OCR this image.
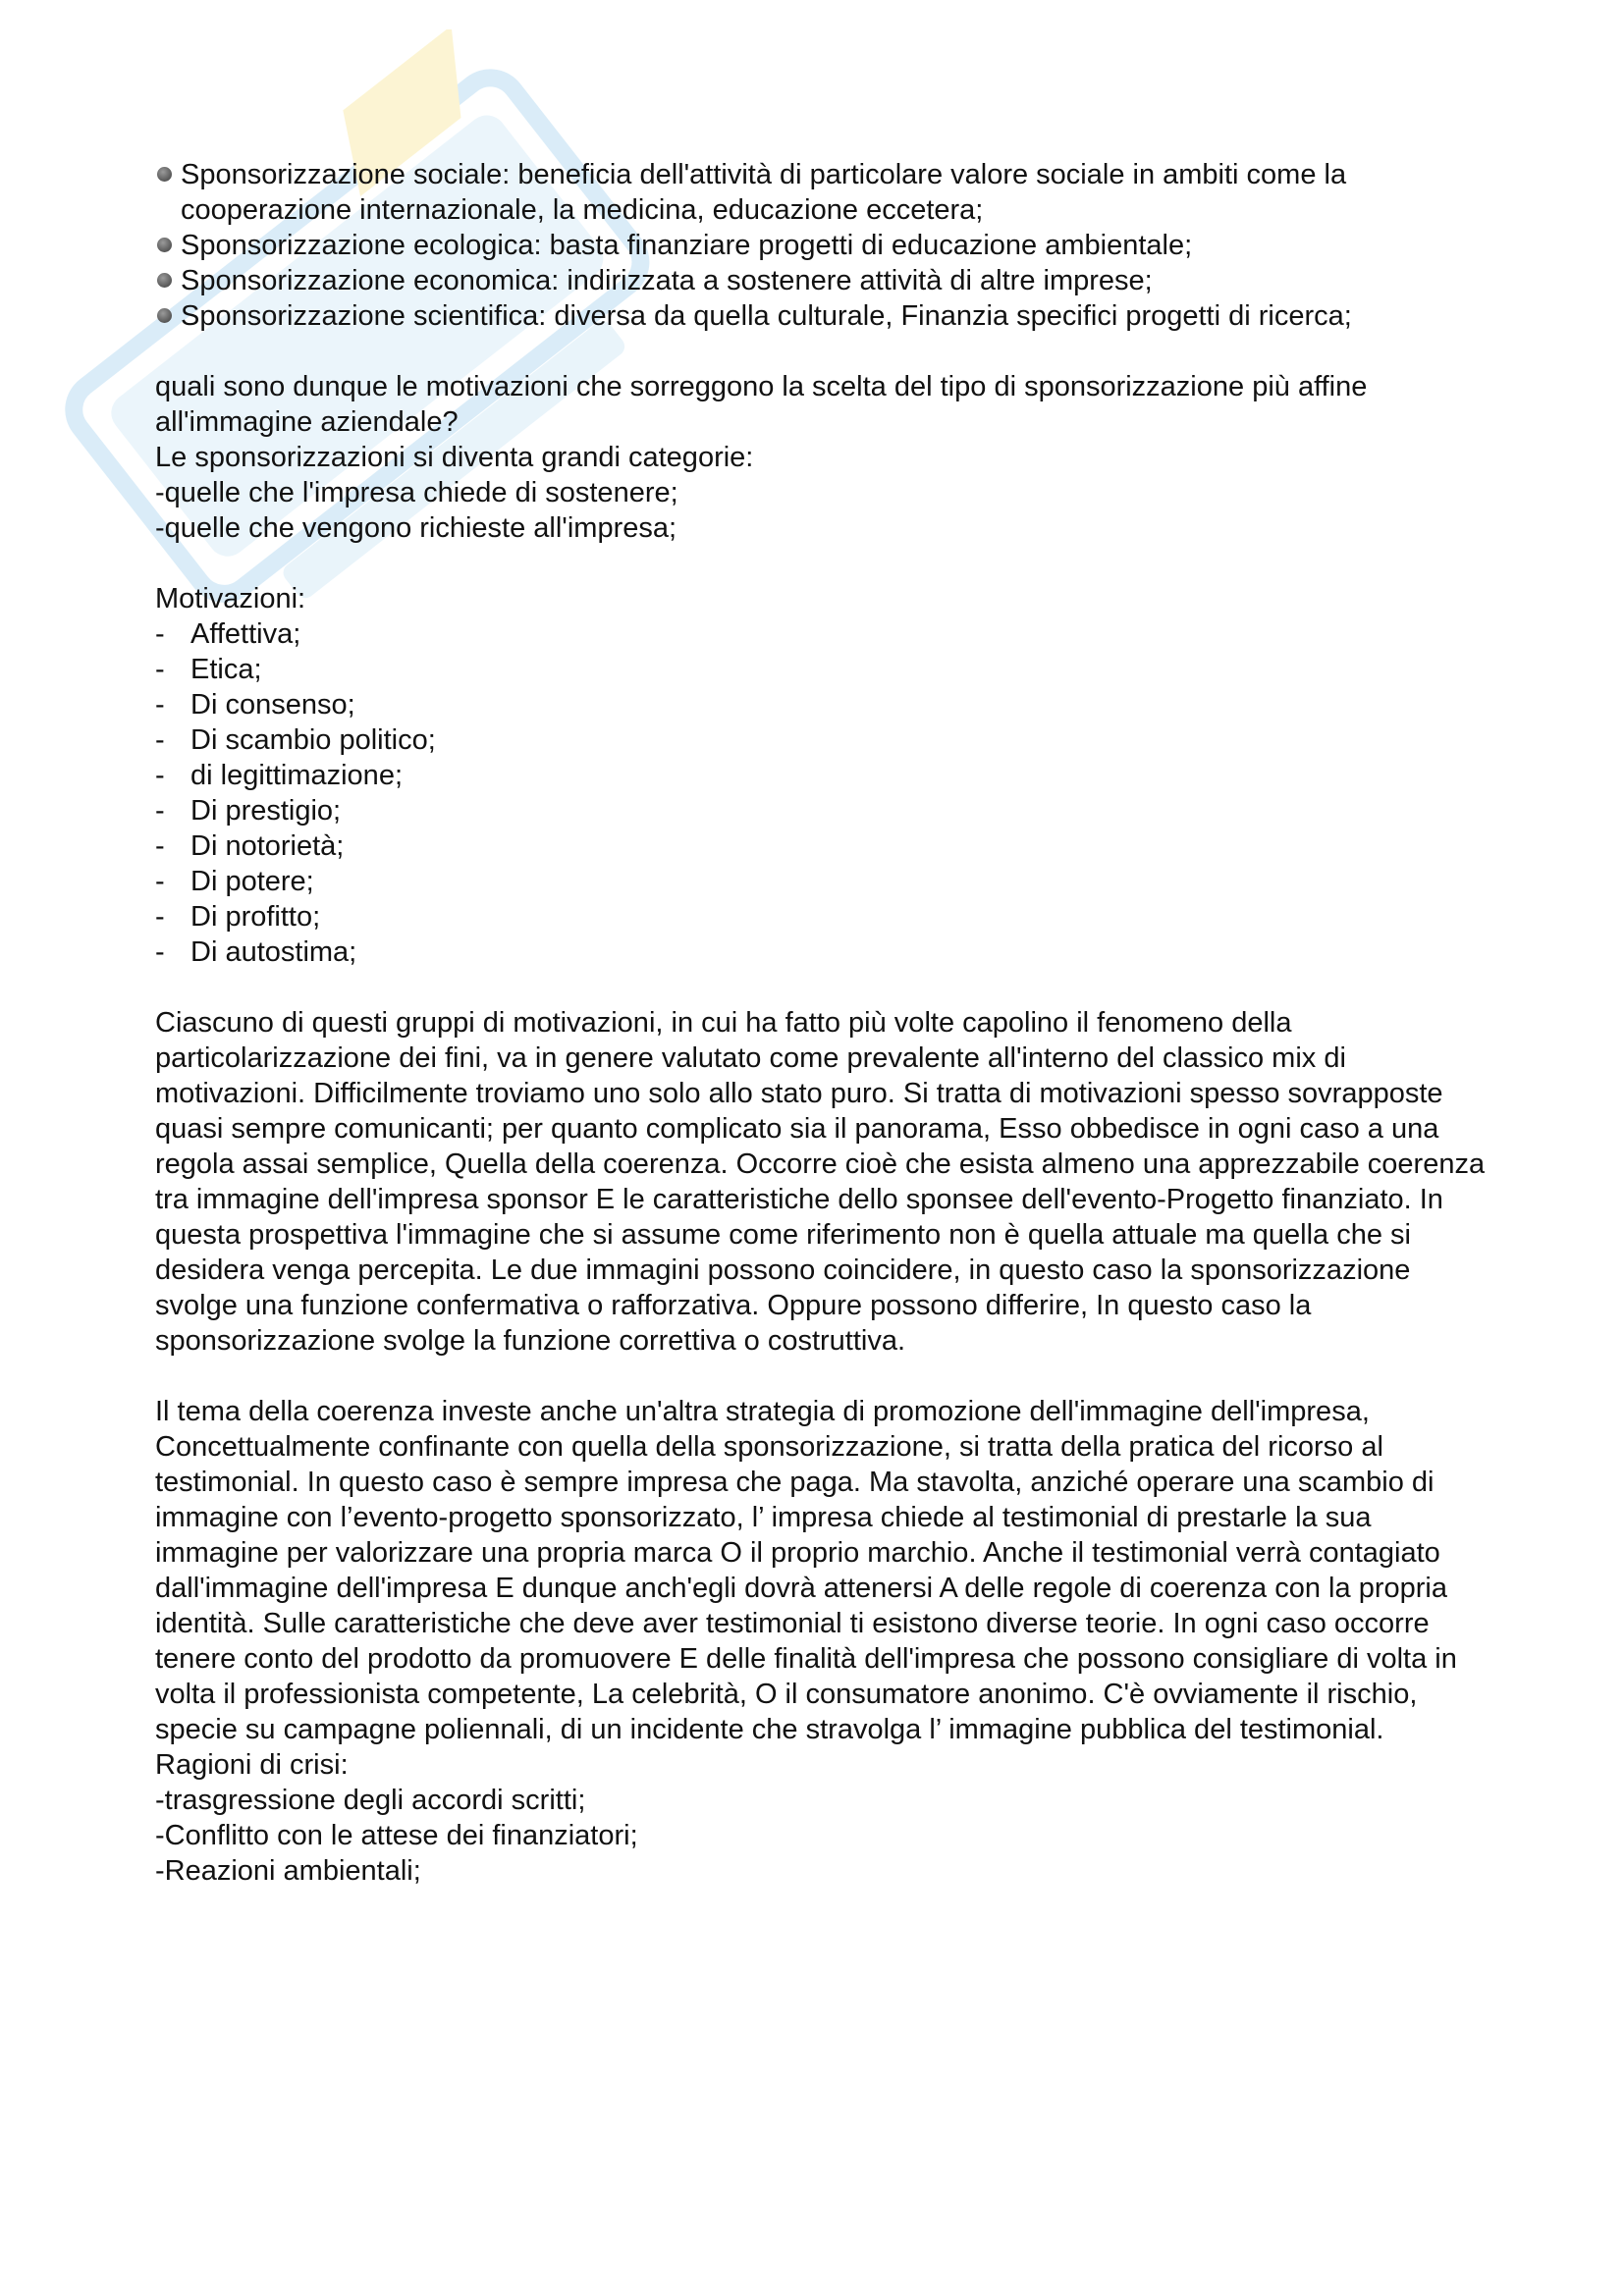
Sponsorizzazione sociale: beneficia dell'attività di particolare valore sociale in ambiti come la cooperazione internazionale, la medicina, educazione eccetera;
Sponsorizzazione ecologica: basta finanziare progetti di educazione ambientale;
Sponsorizzazione economica: indirizzata a sostenere attività di altre imprese;
Sponsorizzazione scientifica: diversa da quella culturale, Finanzia specifici progetti di ricerca;

quali sono dunque le motivazioni che sorreggono la scelta del tipo di sponsorizzazione più affine all'immagine aziendale?

Le sponsorizzazioni si diventa grandi categorie:

-quelle che l'impresa chiede di sostenere;
-quelle che vengono richieste all'impresa;

Motivazioni:

- Affettiva;
- Etica;
- Di consenso;
- Di scambio politico;
- di legittimazione;
- Di prestigio;
- Di notorietà;
- Di potere;
- Di profitto;
- Di autostima;

Ciascuno di questi gruppi di motivazioni, in cui ha fatto più volte capolino il fenomeno della particolarizzazione dei fini, va in genere valutato come prevalente all'interno del classico mix di motivazioni. Difficilmente troviamo uno solo allo stato puro. Si tratta di motivazioni spesso sovrapposte quasi sempre comunicanti; per quanto complicato sia il panorama, Esso obbedisce in ogni caso a una regola assai semplice, Quella della coerenza. Occorre cioè che esista almeno una apprezzabile coerenza tra immagine dell'impresa sponsor E le caratteristiche dello sponsee dell'evento-Progetto finanziato. In questa prospettiva l'immagine che si assume come riferimento non è quella attuale ma quella che si desidera venga percepita. Le due immagini possono coincidere, in questo caso la sponsorizzazione svolge una funzione confermativa o rafforzativa. Oppure possono differire, In questo caso la sponsorizzazione svolge la funzione correttiva o costruttiva.

Il tema della coerenza investe anche un'altra strategia di promozione dell'immagine dell'impresa, Concettualmente confinante con quella della sponsorizzazione, si tratta della pratica del ricorso al testimonial. In questo caso è sempre impresa che paga. Ma stavolta, anziché operare una scambio di immagine con l’evento-progetto sponsorizzato, l’ impresa chiede al testimonial di prestarle la sua immagine per valorizzare una propria marca O il proprio marchio. Anche il testimonial verrà contagiato dall'immagine dell'impresa E dunque anch'egli dovrà attenersi A delle regole di coerenza con la propria identità. Sulle caratteristiche che deve aver testimonial ti esistono diverse teorie. In ogni caso occorre tenere conto del prodotto da promuovere E delle finalità dell'impresa che possono consigliare di volta in volta il professionista competente, La celebrità, O il consumatore anonimo. C'è ovviamente il rischio, specie su campagne poliennali, di un incidente che stravolga l’ immagine pubblica del testimonial.

Ragioni di crisi:

-trasgressione degli accordi scritti;
-Conflitto con le attese dei finanziatori;
-Reazioni ambientali;
